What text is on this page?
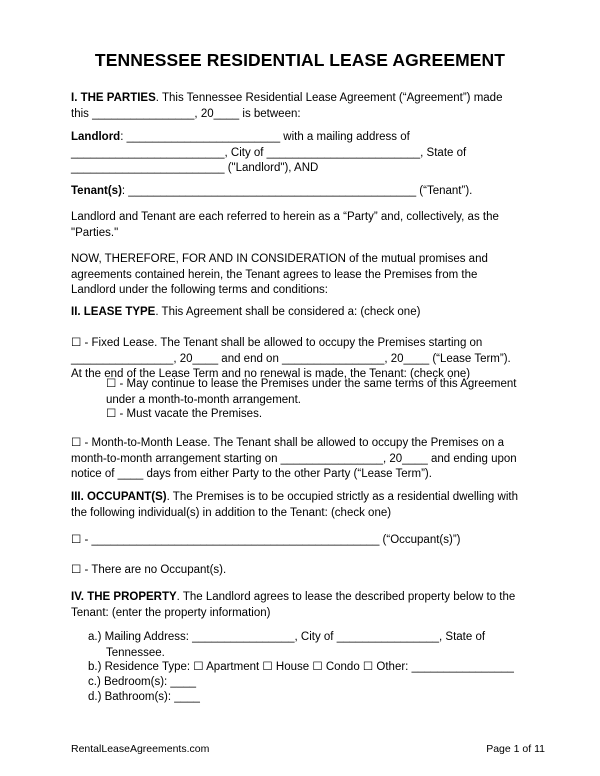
TENNESSEE RESIDENTIAL LEASE AGREEMENT
I. THE PARTIES. This Tennessee Residential Lease Agreement (“Agreement”) made
this ________________, 20____ is between:
Landlord: ________________________ with a mailing address of
________________________, City of ________________________, State of
________________________ ("Landlord"), AND
Tenant(s): _____________________________________________ (“Tenant”).
Landlord and Tenant are each referred to herein as a “Party” and, collectively, as the
"Parties."
NOW, THEREFORE, FOR AND IN CONSIDERATION of the mutual promises and
agreements contained herein, the Tenant agrees to lease the Premises from the
Landlord under the following terms and conditions:
II. LEASE TYPE. This Agreement shall be considered a: (check one)
☐ - Fixed Lease. The Tenant shall be allowed to occupy the Premises starting on
________________, 20____ and end on ________________, 20____ (“Lease Term”).
At the end of the Lease Term and no renewal is made, the Tenant: (check one)
☐ - May continue to lease the Premises under the same terms of this Agreement
under a month-to-month arrangement.
☐ - Must vacate the Premises.
☐ - Month-to-Month Lease. The Tenant shall be allowed to occupy the Premises on a
month-to-month arrangement starting on ________________, 20____ and ending upon
notice of ____ days from either Party to the other Party (“Lease Term”).
III. OCCUPANT(S). The Premises is to be occupied strictly as a residential dwelling with
the following individual(s) in addition to the Tenant: (check one)
☐ - _____________________________________________ (“Occupant(s)”)
☐ - There are no Occupant(s).
IV. THE PROPERTY. The Landlord agrees to lease the described property below to the
Tenant: (enter the property information)
a.) Mailing Address: ________________, City of ________________, State of
Tennessee.
b.) Residence Type: ☐ Apartment ☐ House ☐ Condo ☐ Other: ________________
c.) Bedroom(s): ____
d.) Bathroom(s): ____
RentalLeaseAgreements.com	Page 1 of 11
